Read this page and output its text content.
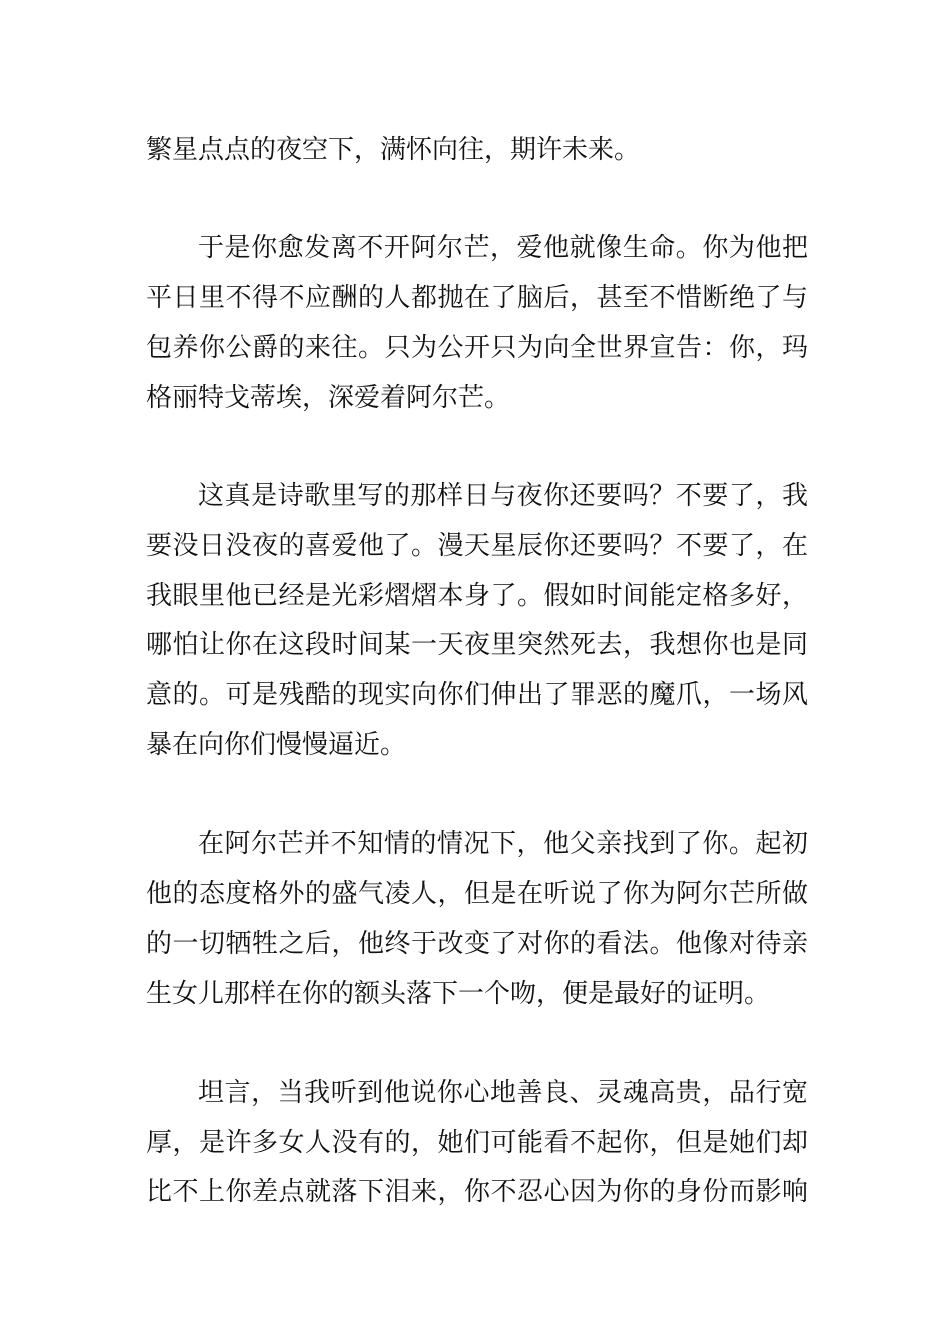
繁星点点的夜空下，满怀向往，期许未来。

于是你愈发离不开阿尔芒，爱他就像生命。你为他把

平日里不得不应酬的人都抛在了脑后，甚至不惜断绝了与

包养你公爵的来往。只为公开只为向全世界宣告：你，玛

格丽特戈蒂埃，深爱着阿尔芒。

这真是诗歌里写的那样日与夜你还要吗？不要了，我

要没日没夜的喜爱他了。漫天星辰你还要吗？不要了，在

我眼里他已经是光彩熠熠本身了。假如时间能定格多好，

哪怕让你在这段时间某一天夜里突然死去，我想你也是同

意的。可是残酷的现实向你们伸出了罪恶的魔爪，一场风

暴在向你们慢慢逼近。

在阿尔芒并不知情的情况下，他父亲找到了你。起初

他的态度格外的盛气凌人，但是在听说了你为阿尔芒所做

的一切牺牲之后，他终于改变了对你的看法。他像对待亲

生女儿那样在你的额头落下一个吻，便是最好的证明。

坦言，当我听到他说你心地善良、灵魂高贵，品行宽

厚，是许多女人没有的，她们可能看不起你，但是她们却

比不上你差点就落下泪来，你不忍心因为你的身份而影响
